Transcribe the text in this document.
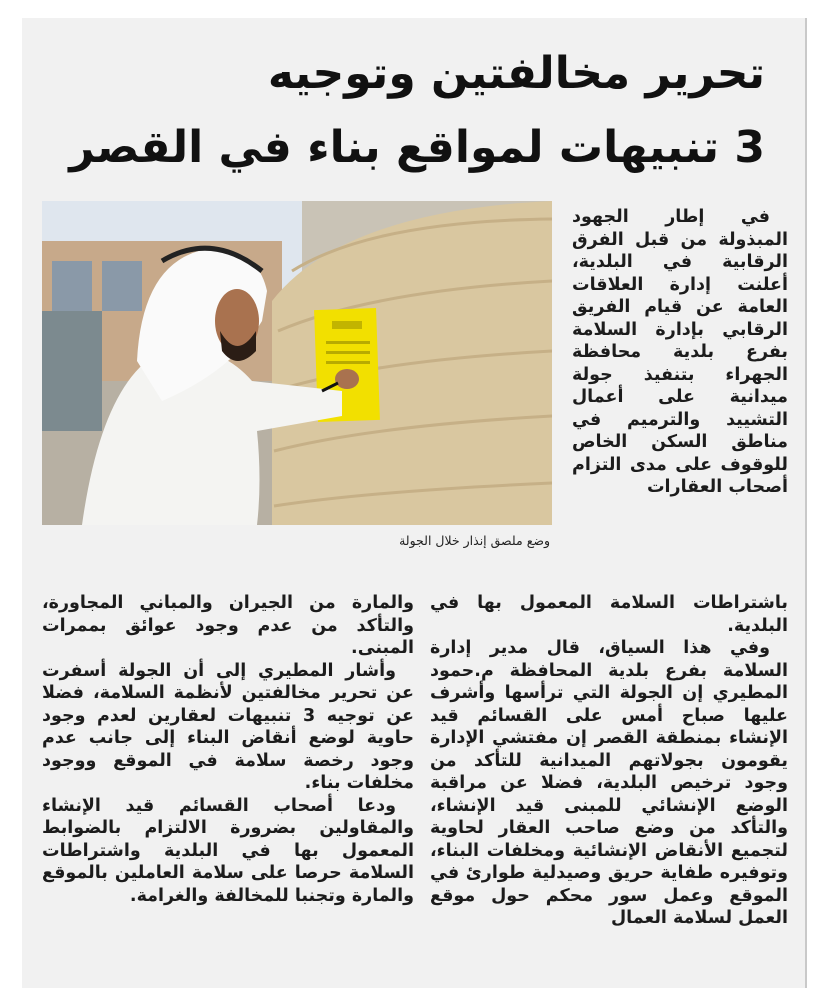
تحرير مخالفتين وتوجيه
3 تنبيهات لمواقع بناء في القصر
وضع ملصق إنذار خلال الجولة

في إطار الجهود المبذولة من قبل الفرق الرقابية في البلدية، أعلنت إدارة العلاقات العامة عن قيام الفريق الرقابي بإدارة السلامة بفرع بلدية محافظة الجهراء بتنفيذ جولة ميدانية على أعمال التشييد والترميم في مناطق السكن الخاص للوقوف على مدى التزام أصحاب العقارات

باشتراطات السلامة المعمول بها في البلدية.

وفي هذا السياق، قال مدير إدارة السلامة بفرع بلدية المحافظة م.حمود المطيري إن الجولة التي ترأسها وأشرف عليها صباح أمس على القسائم قيد الإنشاء بمنطقة القصر إن مفتشي الإدارة يقومون بجولاتهم الميدانية للتأكد من وجود ترخيص البلدية، فضلا عن مراقبة الوضع الإنشائي للمبنى قيد الإنشاء، والتأكد من وضع صاحب العقار لحاوية لتجميع الأنقاض الإنشائية ومخلفات البناء، وتوفيره طفاية حريق وصيدلية طوارئ في الموقع وعمل سور محكم حول موقع العمل لسلامة العمال

والمارة من الجيران والمباني المجاورة، والتأكد من عدم وجود عوائق بممرات المبنى.

وأشار المطيري إلى أن الجولة أسفرت عن تحرير مخالفتين لأنظمة السلامة، فضلا عن توجيه 3 تنبيهات لعقارين لعدم وجود حاوية لوضع أنقاض البناء إلى جانب عدم وجود رخصة سلامة في الموقع ووجود مخلفات بناء.

ودعا أصحاب القسائم قيد الإنشاء والمقاولين بضرورة الالتزام بالضوابط المعمول بها في البلدية واشتراطات السلامة حرصا على سلامة العاملين بالموقع والمارة وتجنبا للمخالفة والغرامة.
